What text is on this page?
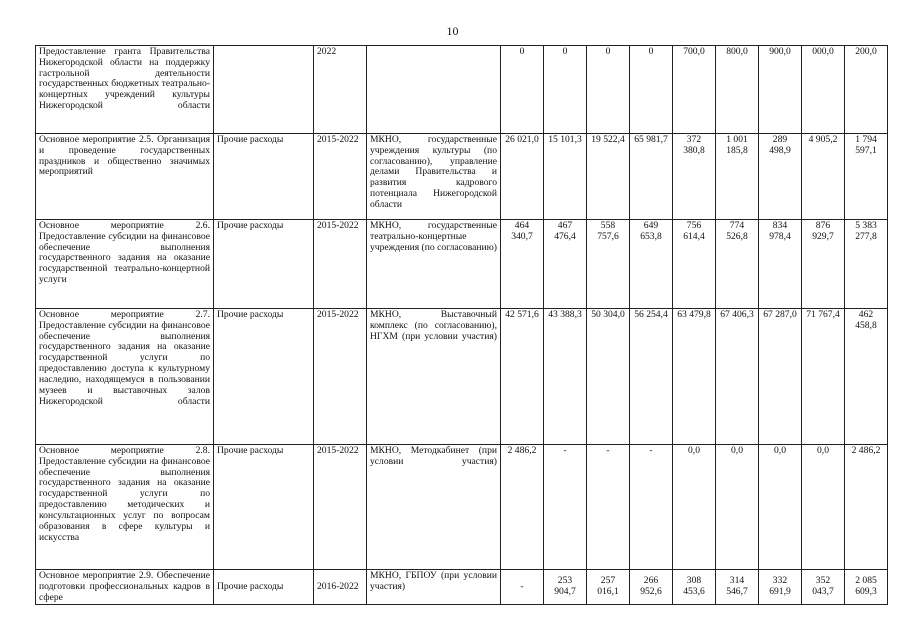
10
Предоставление гранта Правительства Нижегородской области на поддержку гастрольной деятельности государственных бюджетных театрально-концертных учреждений культуры Нижегородской области		2022		0	0	0	0	700,0	800,0	900,0	000,0	200,0
Основное мероприятие 2.5. Организация и проведение государственных праздников и общественно значимых мероприятий	Прочие расходы	2015-2022	МКНО, государственные учреждения культуры (по согласованию), управление делами Правительства и развития кадрового потенциала Нижегородской области	26 021,0	15 101,3	19 522,4	65 981,7	372 380,8	1 001 185,8	289 498,9	4 905,2	1 794 597,1
Основное мероприятие 2.6. Предоставление субсидии на финансовое обеспечение выполнения государственного задания на оказание государственной театрально-концертной услуги	Прочие расходы	2015-2022	МКНО, государственные театрально-концертные учреждения (по согласованию)	464 340,7	467 476,4	558 757,6	649 653,8	756 614,4	774 526,8	834 978,4	876 929,7	5 383 277,8
Основное мероприятие 2.7. Предоставление субсидии на финансовое обеспечение выполнения государственного задания на оказание государственной услуги по предоставлению доступа к культурному наследию, находящемуся в пользовании музеев и выставочных залов Нижегородской области	Прочие расходы	2015-2022	МКНО, Выставочный комплекс (по согласованию), НГХМ (при условии участия)	42 571,6	43 388,3	50 304,0	56 254,4	63 479,8	67 406,3	67 287,0	71 767,4	462 458,8
Основное мероприятие 2.8. Предоставление субсидии на финансовое обеспечение выполнения государственного задания на оказание государственной услуги по предоставлению методических и консультационных услуг по вопросам образования в сфере культуры и искусства	Прочие расходы	2015-2022	МКНО, Методкабинет (при условии участия)	2 486,2	-	-	-	0,0	0,0	0,0	0,0	2 486,2
Основное мероприятие 2.9. Обеспечение подготовки профессиональных кадров в сфере	Прочие расходы	2016-2022	МКНО, ГБПОУ (при условии участия)	-	253 904,7	257 016,1	266 952,6	308 453,6	314 546,7	332 691,9	352 043,7	2 085 609,3
